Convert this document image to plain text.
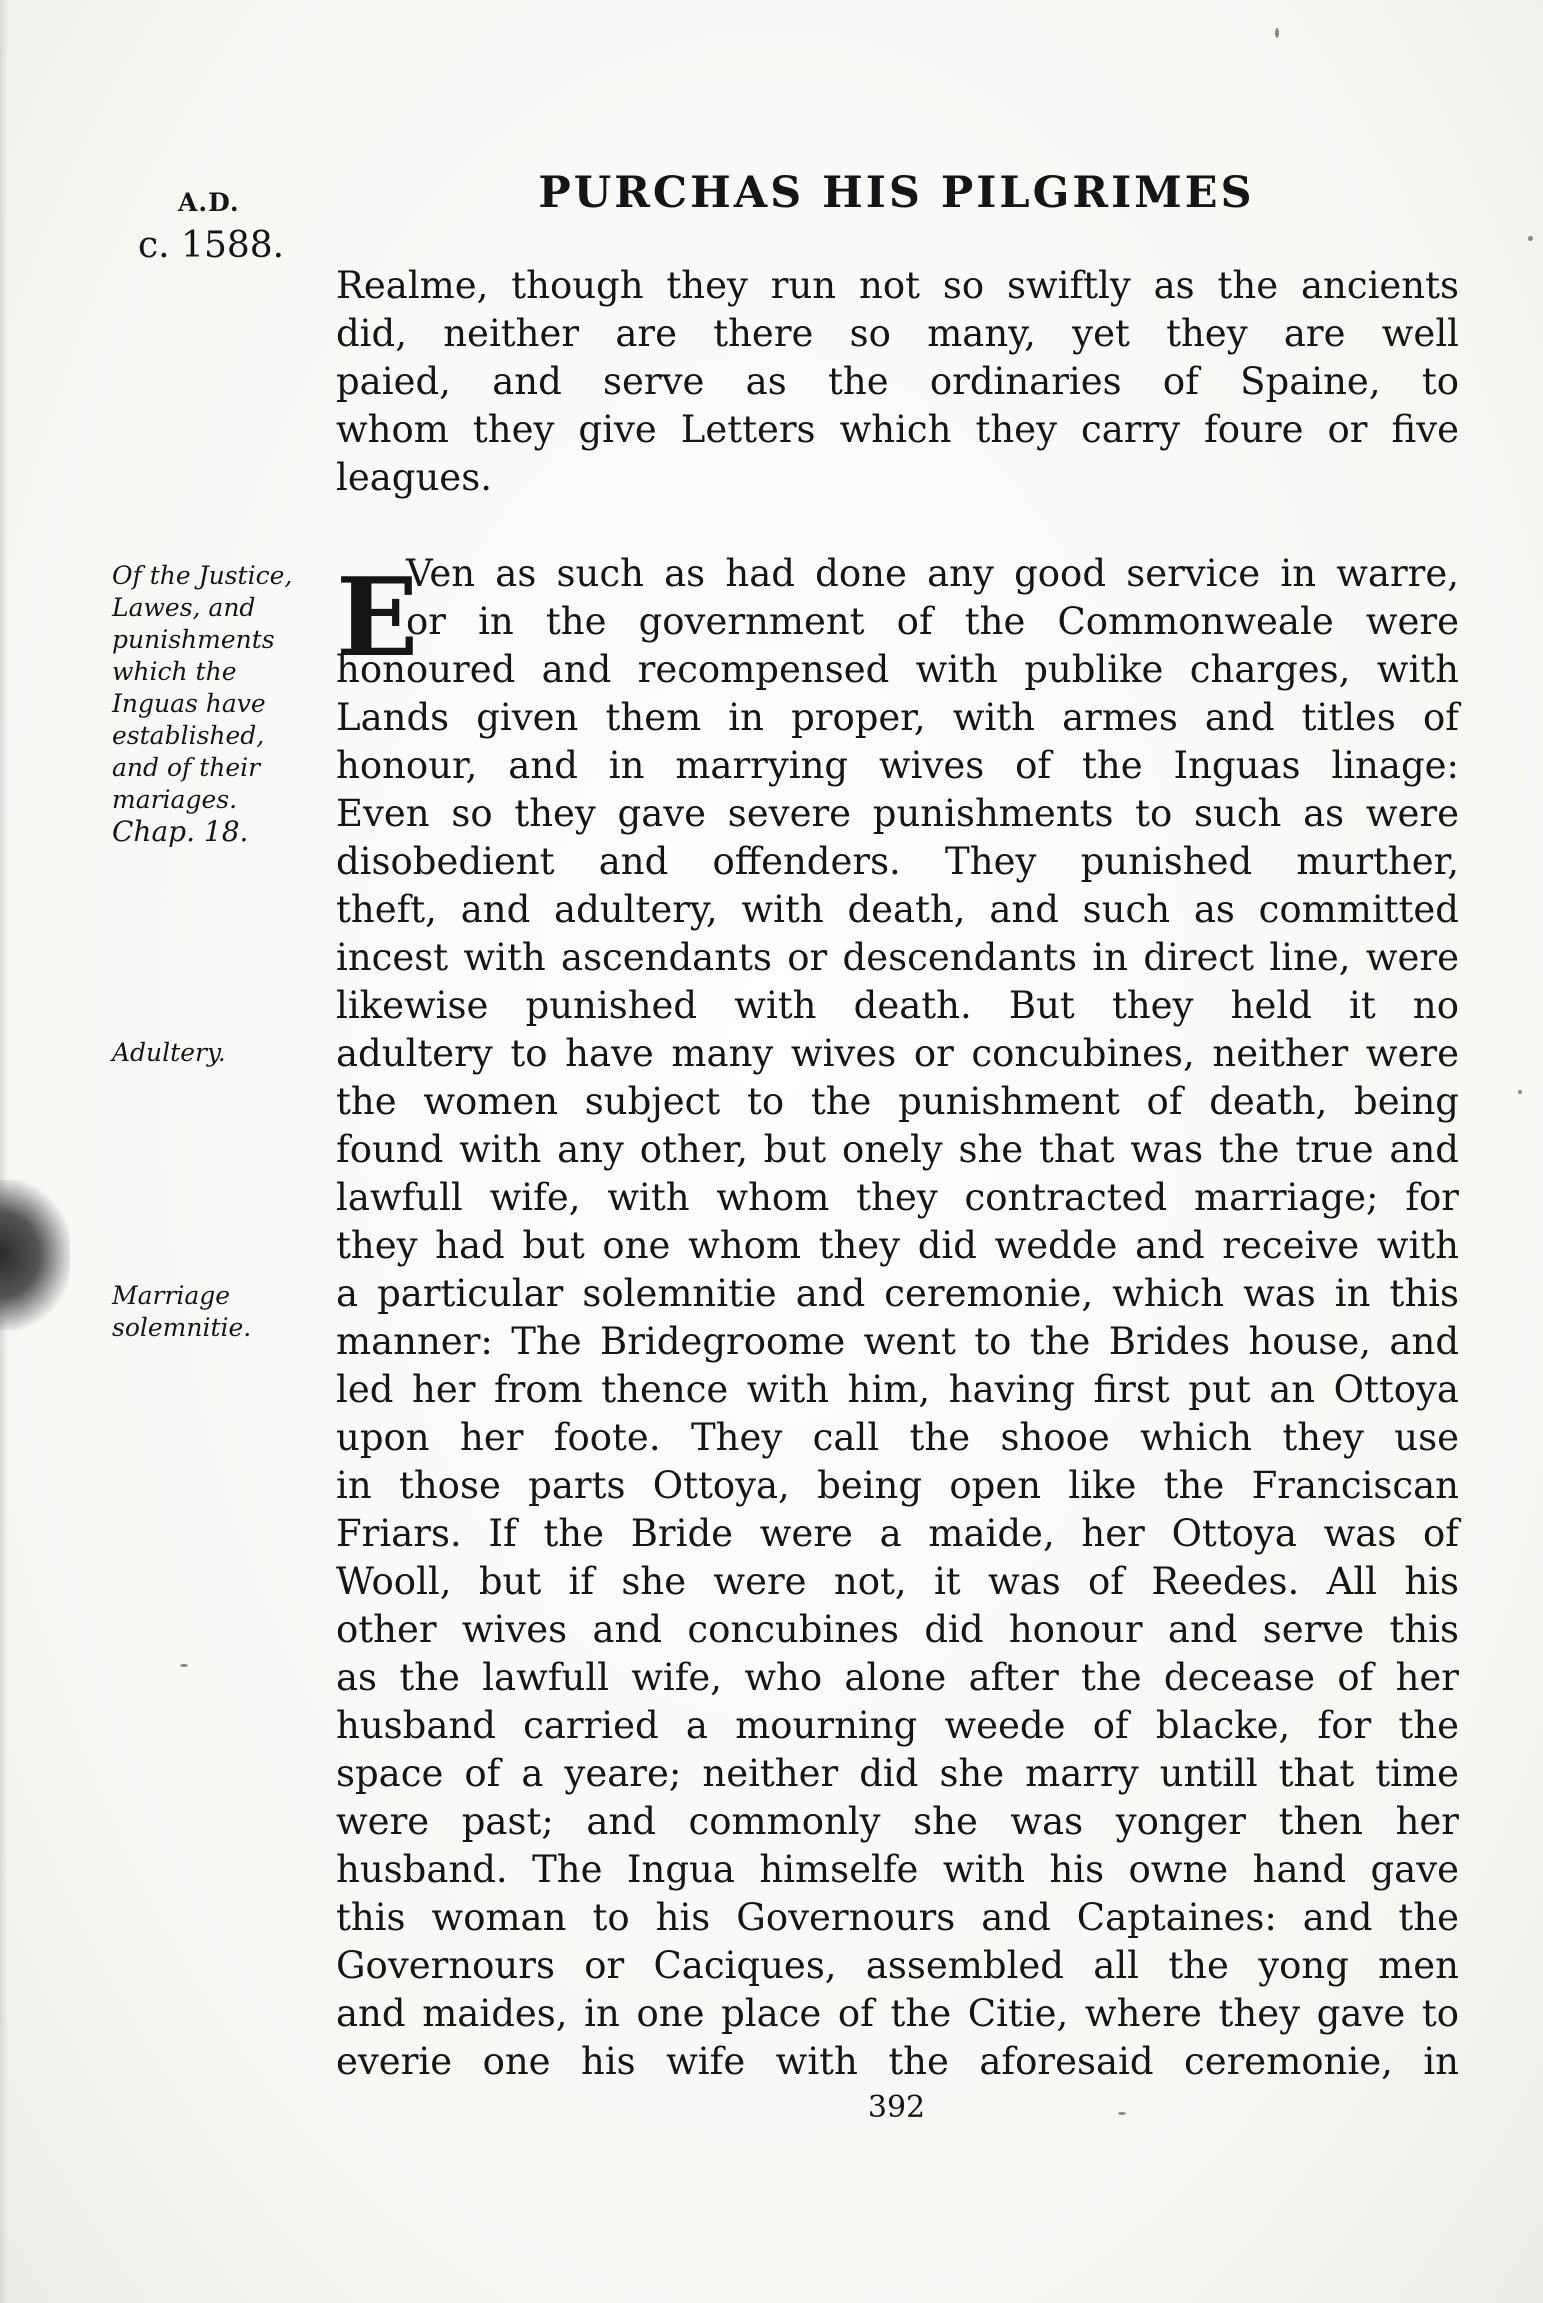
A.D.
c. 1588.
PURCHAS HIS PILGRIMES
Realme, though they run not so swiftly as the ancients
did, neither are there so many, yet they are well
paied, and serve as the ordinaries of Spaine, to
whom they give Letters which they carry foure or five
leagues.
Of the Justice,
Lawes, and
punishments
which the
Inguas have
established,
and of their
mariages.
Chap. 18.
Adultery.
Marriage
solemnitie.
E
Ven as such as had done any good service in warre,
or in the government of the Commonweale were
honoured and recompensed with publike charges, with
Lands given them in proper, with armes and titles of
honour, and in marrying wives of the Inguas linage:
Even so they gave severe punishments to such as were
disobedient and offenders. They punished murther,
theft, and adultery, with death, and such as committed
incest with ascendants or descendants in direct line, were
likewise punished with death. But they held it no
adultery to have many wives or concubines, neither were
the women subject to the punishment of death, being
found with any other, but onely she that was the true and
lawfull wife, with whom they contracted marriage; for
they had but one whom they did wedde and receive with
a particular solemnitie and ceremonie, which was in this
manner: The Bridegroome went to the Brides house, and
led her from thence with him, having first put an Ottoya
upon her foote. They call the shooe which they use
in those parts Ottoya, being open like the Franciscan
Friars. If the Bride were a maide, her Ottoya was of
Wooll, but if she were not, it was of Reedes. All his
other wives and concubines did honour and serve this
as the lawfull wife, who alone after the decease of her
husband carried a mourning weede of blacke, for the
space of a yeare; neither did she marry untill that time
were past; and commonly she was yonger then her
husband. The Ingua himselfe with his owne hand gave
this woman to his Governours and Captaines: and the
Governours or Caciques, assembled all the yong men
and maides, in one place of the Citie, where they gave to
everie one his wife with the aforesaid ceremonie, in
392
